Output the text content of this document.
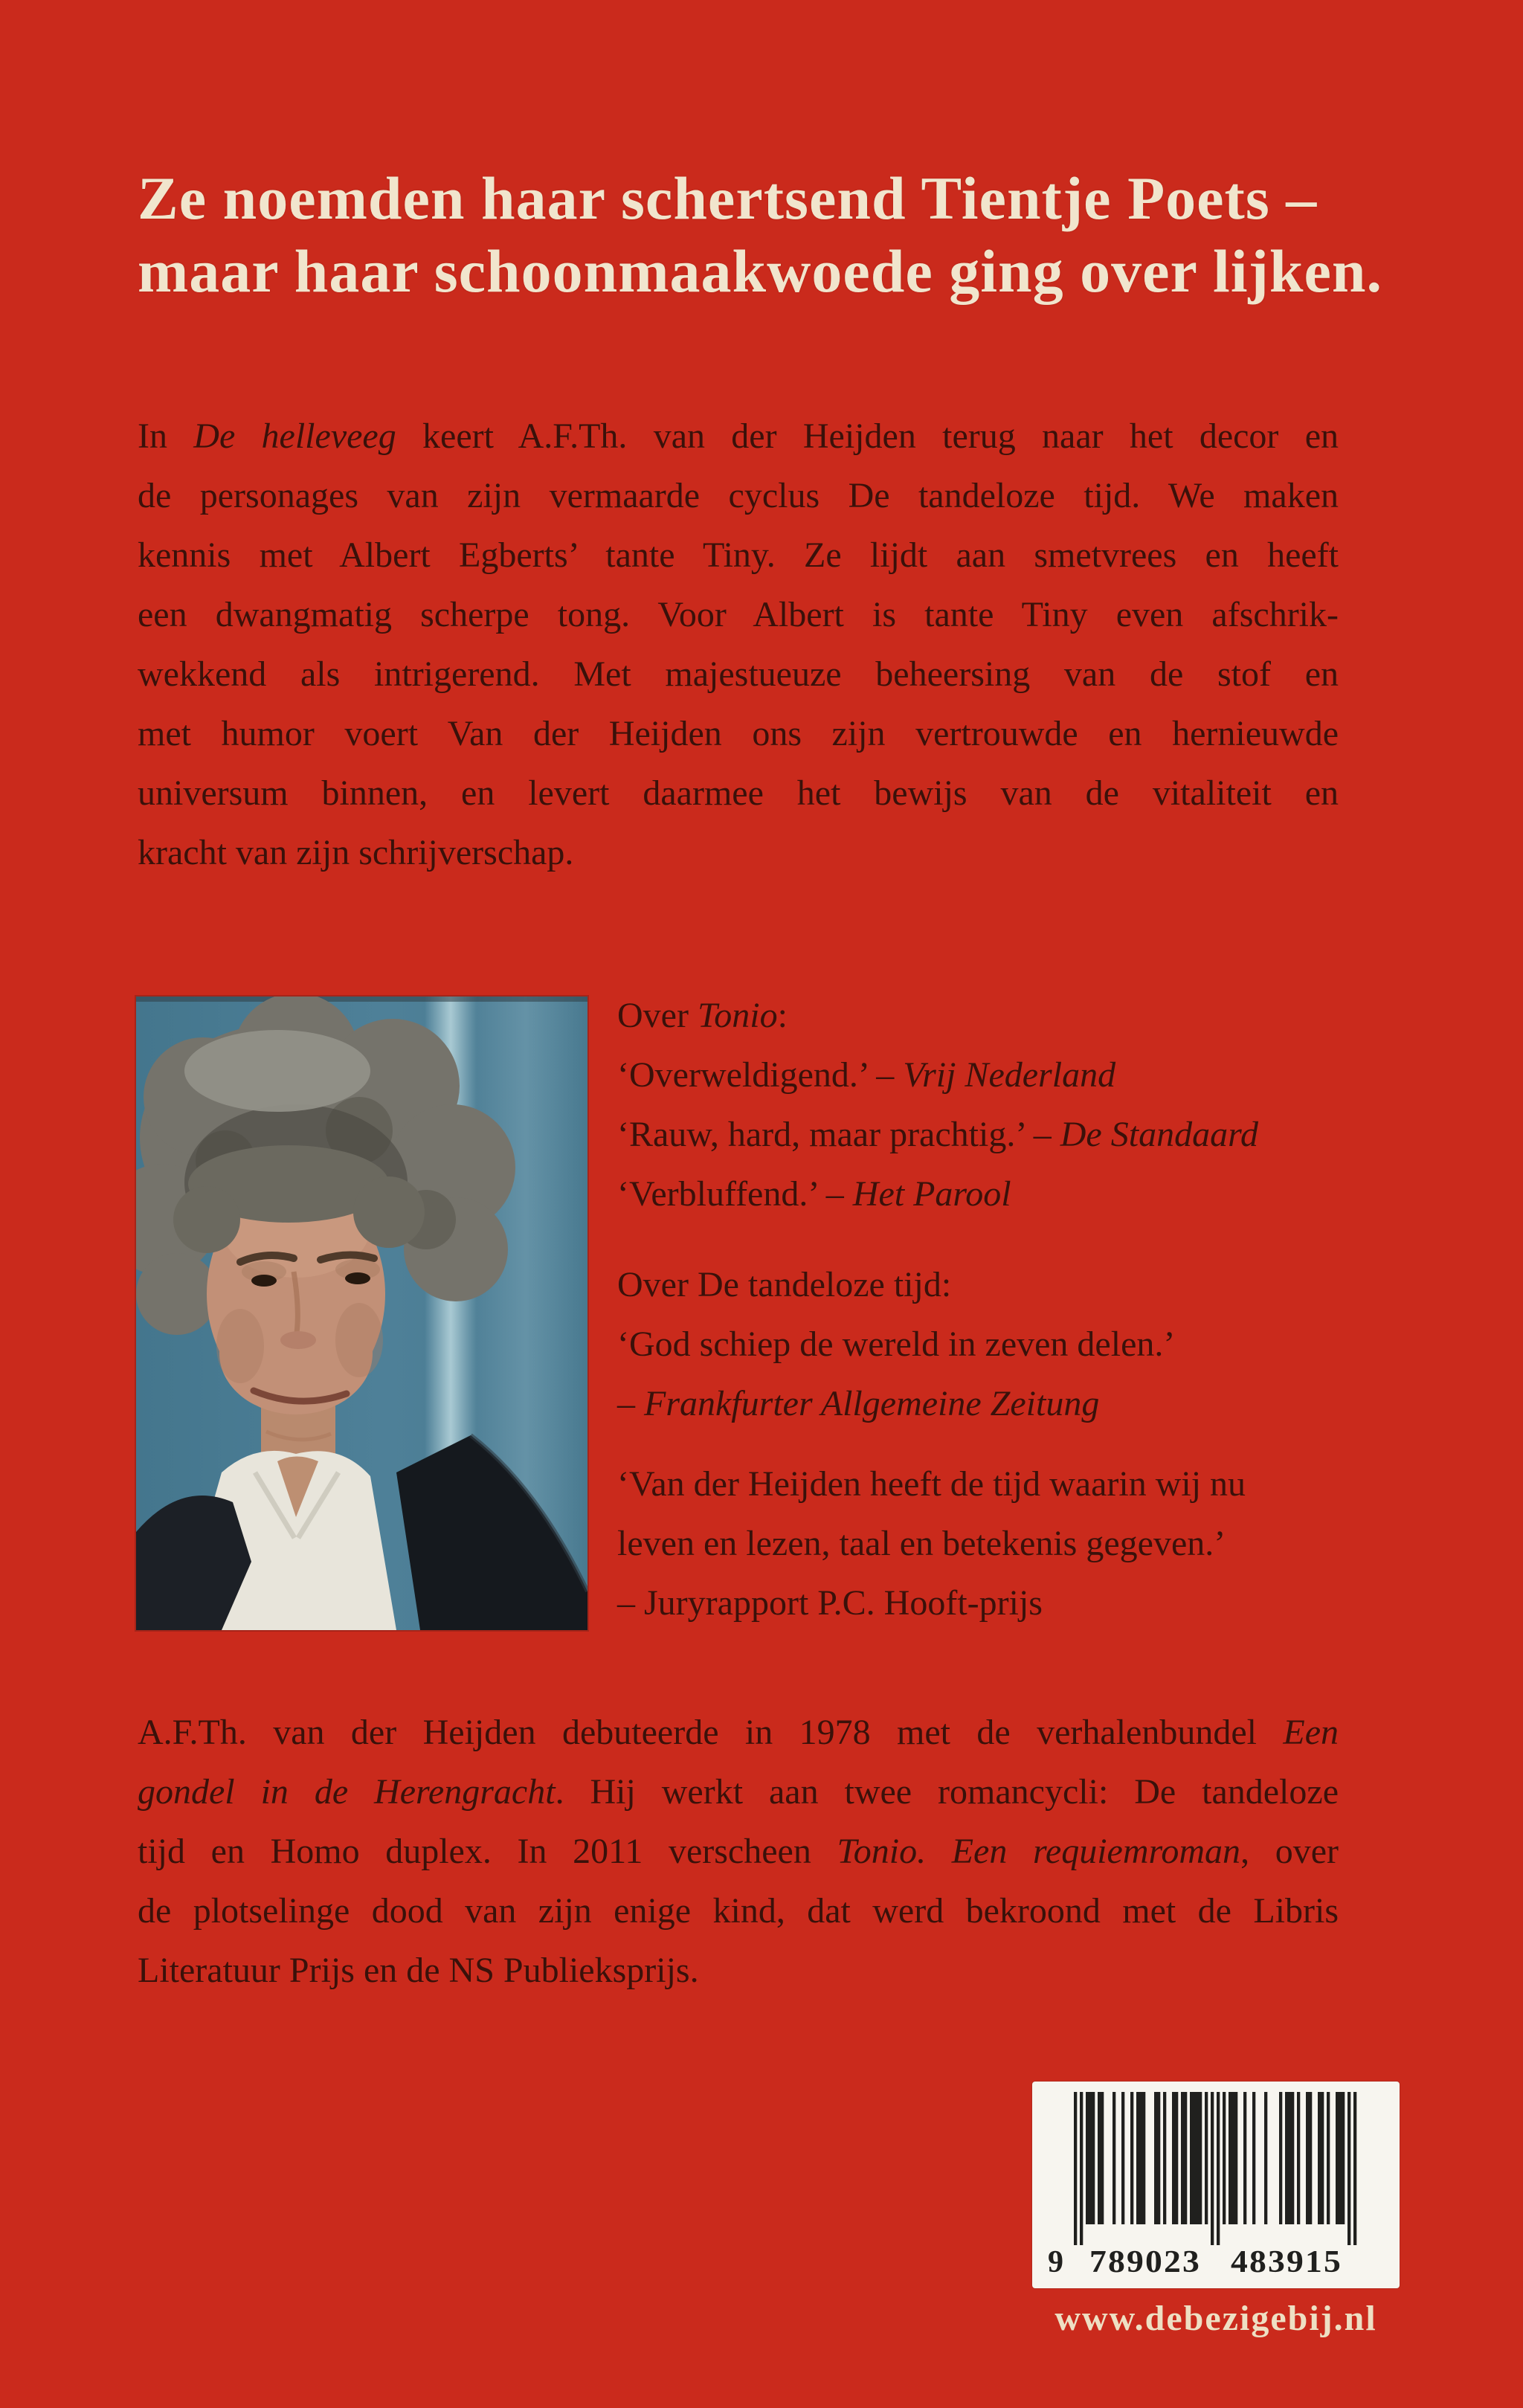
Ze noemden haar schertsend Tientje Poets –
maar haar schoonmaakwoede ging over lijken.
In De helleveeg keert A.F.Th. van der Heijden terug naar het decor en
de personages van zijn vermaarde cyclus De tandeloze tijd. We maken
kennis met Albert Egberts’ tante Tiny. Ze lijdt aan smetvrees en heeft
een dwangmatig scherpe tong. Voor Albert is tante Tiny even afschrik-
wekkend als intrigerend. Met majestueuze beheersing van de stof en
met humor voert Van der Heijden ons zijn vertrouwde en hernieuwde
universum binnen, en levert daarmee het bewijs van de vitaliteit en
kracht van zijn schrijverschap.
Over Tonio:
‘Overweldigend.’ – Vrij Nederland
‘Rauw, hard, maar prachtig.’ – De Standaard
‘Verbluffend.’ – Het Parool
Over De tandeloze tijd:
‘God schiep de wereld in zeven delen.’
– Frankfurter Allgemeine Zeitung
‘Van der Heijden heeft de tijd waarin wij nu
leven en lezen, taal en betekenis gegeven.’
– Juryrapport P.C. Hooft-prijs
A.F.Th. van der Heijden debuteerde in 1978 met de verhalenbundel Een
gondel in de Herengracht. Hij werkt aan twee romancycli: De tandeloze
tijd en Homo duplex. In 2011 verscheen Tonio. Een requiemroman, over
de plotselinge dood van zijn enige kind, dat werd bekroond met de Libris
Literatuur Prijs en de NS Publieksprijs.
9 789023 483915
www.debezigebij.nl
